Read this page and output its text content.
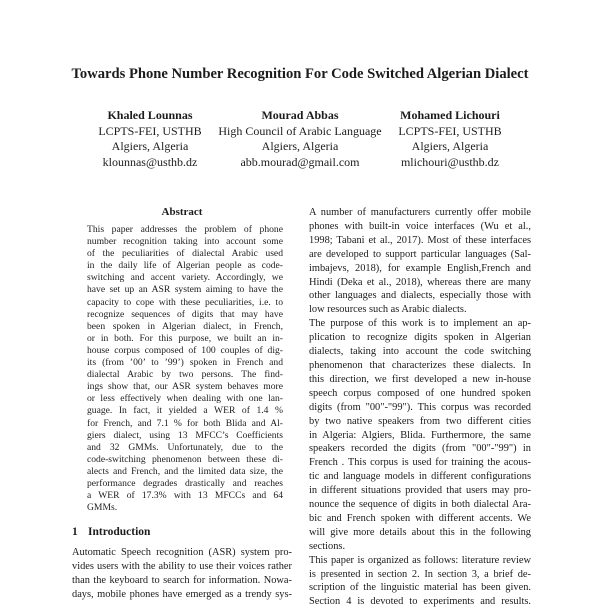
Towards Phone Number Recognition For Code Switched Algerian Dialect
Khaled Lounnas
LCPTS-FEI, USTHB
Algiers, Algeria
klounnas@usthb.dz
Mourad Abbas
High Council of Arabic Language
Algiers, Algeria
abb.mourad@gmail.com
Mohamed Lichouri
LCPTS-FEI, USTHB
Algiers, Algeria
mlichouri@usthb.dz
Abstract
This paper addresses the problem of phone
number recognition taking into account some
of the peculiarities of dialectal Arabic used
in the daily life of Algerian people as code-
switching and accent variety. Accordingly, we
have set up an ASR system aiming to have the
capacity to cope with these peculiarities, i.e. to
recognize sequences of digits that may have
been spoken in Algerian dialect, in French,
or in both. For this purpose, we built an in-
house corpus composed of 100 couples of dig-
its (from ’00’ to ’99’) spoken in French and
dialectal Arabic by two persons. The find-
ings show that, our ASR system behaves more
or less effectively when dealing with one lan-
guage. In fact, it yielded a WER of 1.4 %
for French, and 7.1 % for both Blida and Al-
giers dialect, using 13 MFCC’s Coefficients
and 32 GMMs. Unfortunately, due to the
code-switching phenomenon between these di-
alects and French, and the limited data size, the
performance degrades drastically and reaches
a WER of 17.3% with 13 MFCCs and 64
GMMs.
1 Introduction
Automatic Speech recognition (ASR) system pro-
vides users with the ability to use their voices rather
than the keyboard to search for information. Nowa-
days, mobile phones have emerged as a trendy sys-
A number of manufacturers currently offer mobile
phones with built-in voice interfaces (Wu et al.,
1998; Tabani et al., 2017). Most of these interfaces
are developed to support particular languages (Sal-
imbajevs, 2018), for example English,French and
Hindi (Deka et al., 2018), whereas there are many
other languages and dialects, especially those with
low resources such as Arabic dialects.
The purpose of this work is to implement an ap-
plication to recognize digits spoken in Algerian
dialects, taking into account the code switching
phenomenon that characterizes these dialects. In
this direction, we first developed a new in-house
speech corpus composed of one hundred spoken
digits (from "00"-"99"). This corpus was recorded
by two native speakers from two different cities
in Algeria: Algiers, Blida. Furthermore, the same
speakers recorded the digits (from "00"-"99") in
French . This corpus is used for training the acous-
tic and language models in different configurations
in different situations provided that users may pro-
nounce the sequence of digits in both dialectal Ara-
bic and French spoken with different accents. We
will give more details about this in the following
sections.
This paper is organized as follows: literature review
is presented in section 2. In section 3, a brief de-
scription of the linguistic material has been given.
Section 4 is devoted to experiments and results.
